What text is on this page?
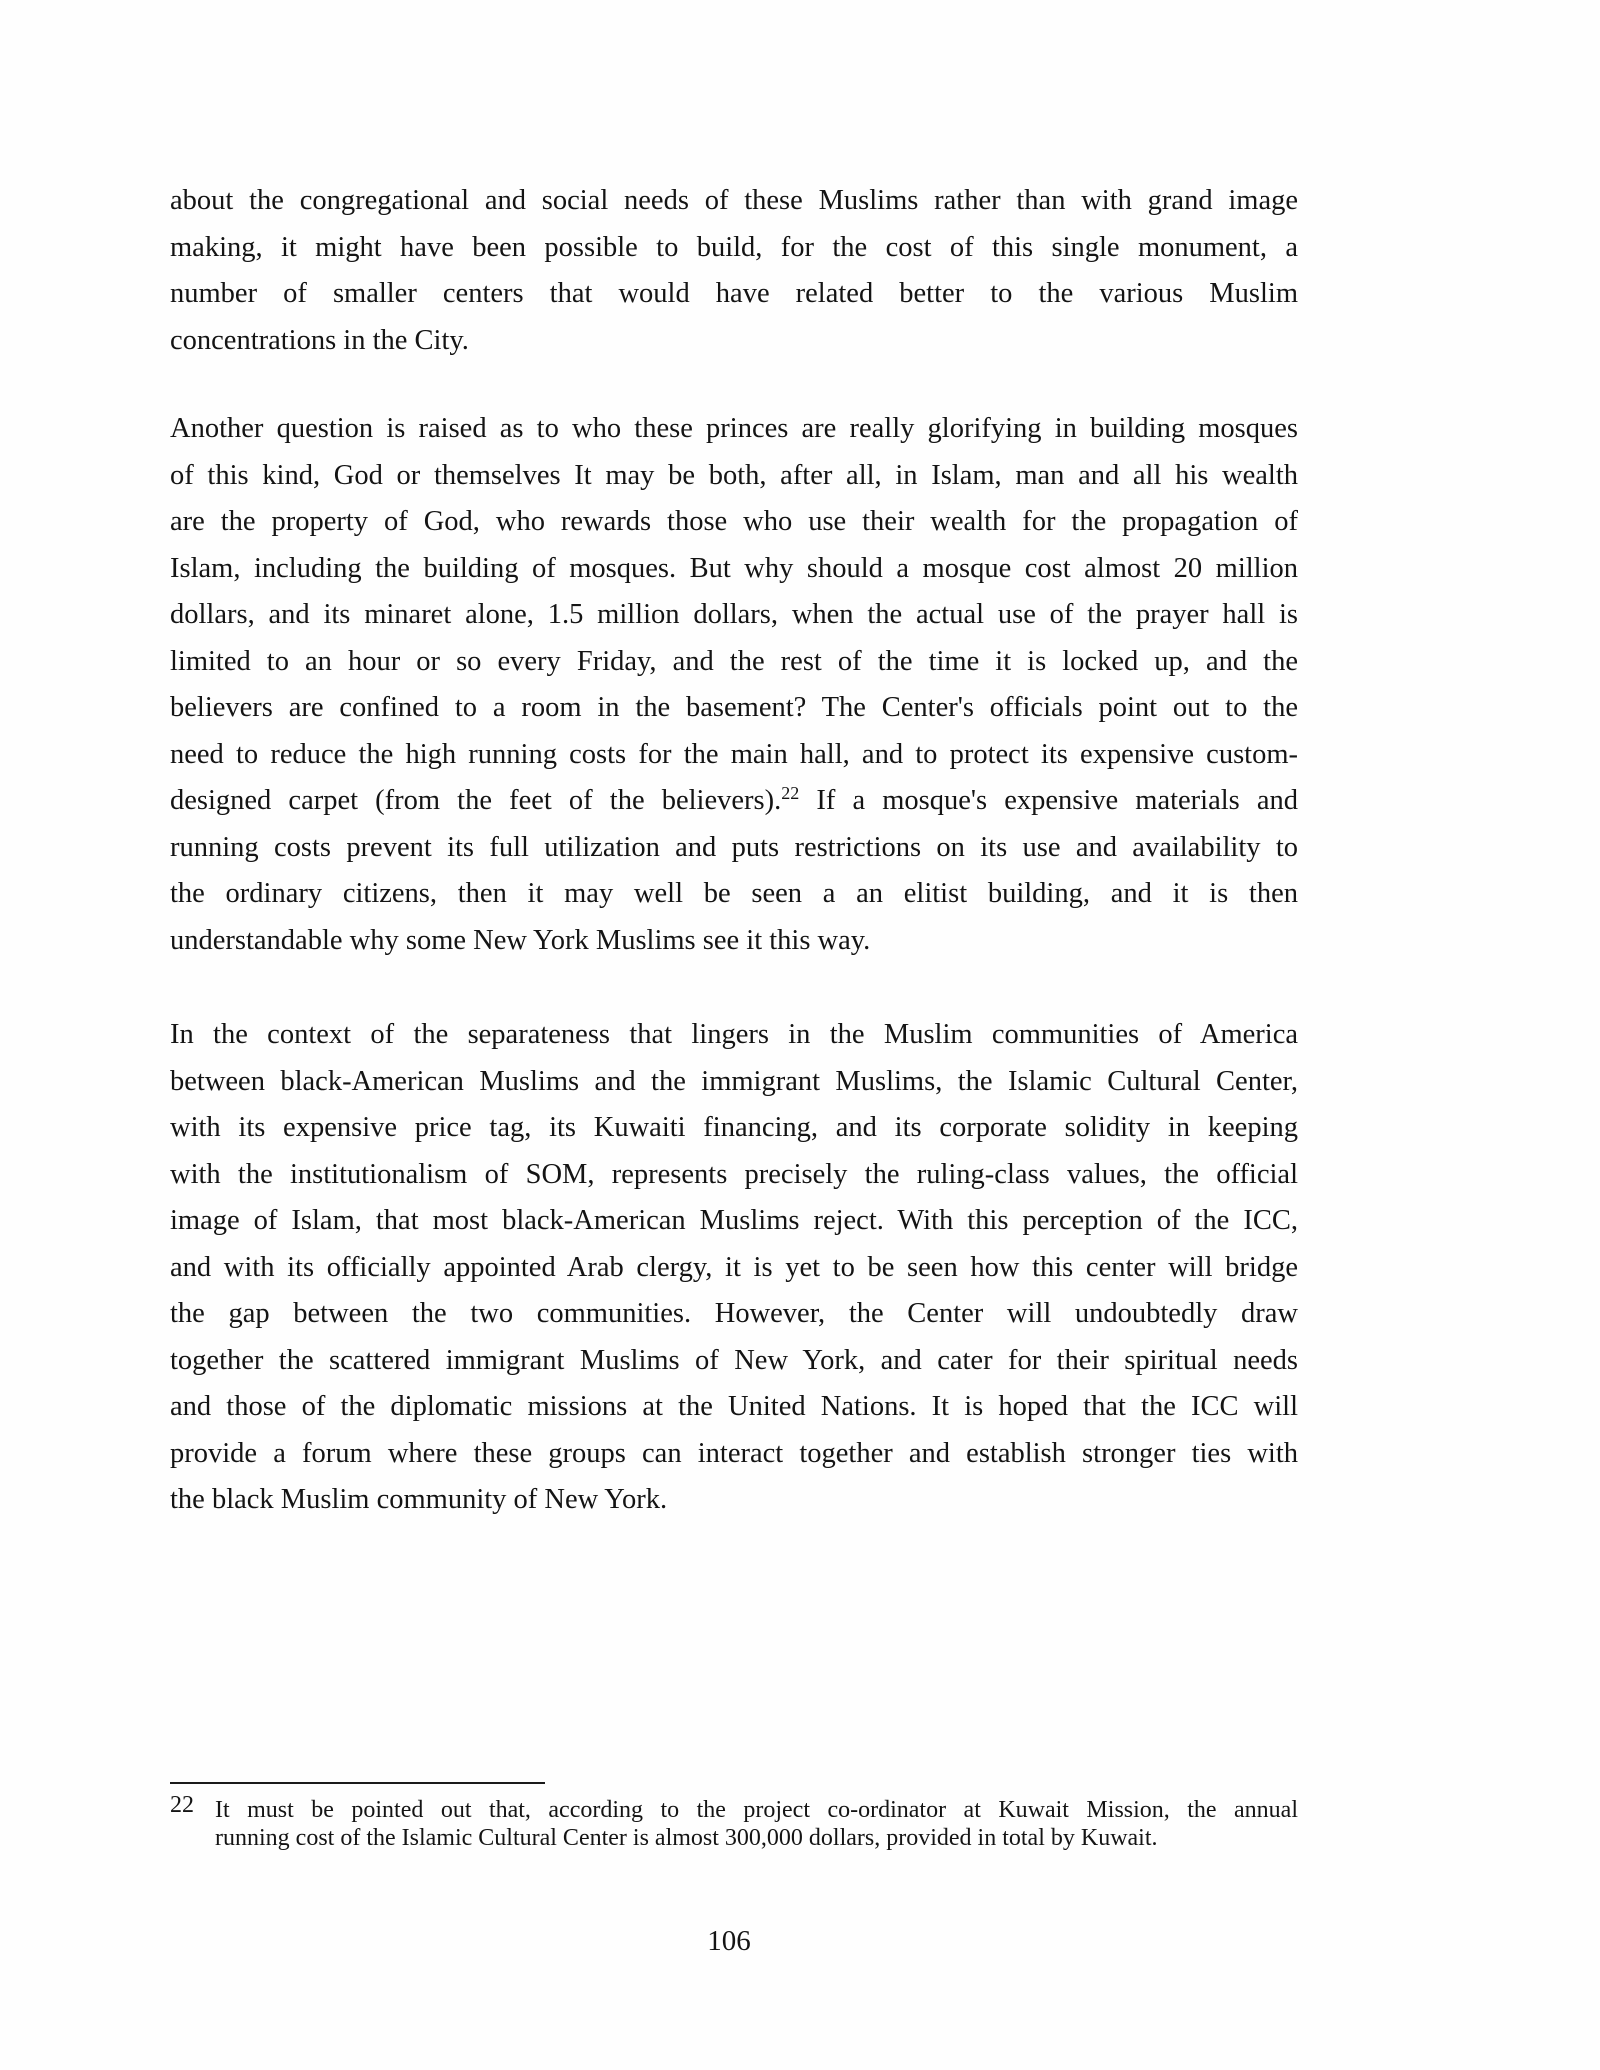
about the congregational and social needs of these Muslims rather than with grand image
making, it might have been possible to build, for the cost of this single monument, a
number of smaller centers that would have related better to the various Muslim
concentrations in the City.
Another question is raised as to who these princes are really glorifying in building mosques
of this kind, God or themselves It may be both, after all, in Islam, man and all his wealth
are the property of God, who rewards those who use their wealth for the propagation of
Islam, including the building of mosques. But why should a mosque cost almost 20 million
dollars, and its minaret alone, 1.5 million dollars, when the actual use of the prayer hall is
limited to an hour or so every Friday, and the rest of the time it is locked up, and the
believers are confined to a room in the basement? The Center's officials point out to the
need to reduce the high running costs for the main hall, and to protect its expensive custom-
designed carpet (from the feet of the believers).$^{22}$ If a mosque's expensive materials and
running costs prevent its full utilization and puts restrictions on its use and availability to
the ordinary citizens, then it may well be seen a an elitist building, and it is then
understandable why some New York Muslims see it this way.
In the context of the separateness that lingers in the Muslim communities of America
between black-American Muslims and the immigrant Muslims, the Islamic Cultural Center,
with its expensive price tag, its Kuwaiti financing, and its corporate solidity in keeping
with the institutionalism of SOM, represents precisely the ruling-class values, the official
image of Islam, that most black-American Muslims reject. With this perception of the ICC,
and with its officially appointed Arab clergy, it is yet to be seen how this center will bridge
the gap between the two communities. However, the Center will undoubtedly draw
together the scattered immigrant Muslims of New York, and cater for their spiritual needs
and those of the diplomatic missions at the United Nations. It is hoped that the ICC will
provide a forum where these groups can interact together and establish stronger ties with
the black Muslim community of New York.
22 It must be pointed out that, according to the project co-ordinator at Kuwait Mission, the annual
running cost of the Islamic Cultural Center is almost 300,000 dollars, provided in total by Kuwait.
106
